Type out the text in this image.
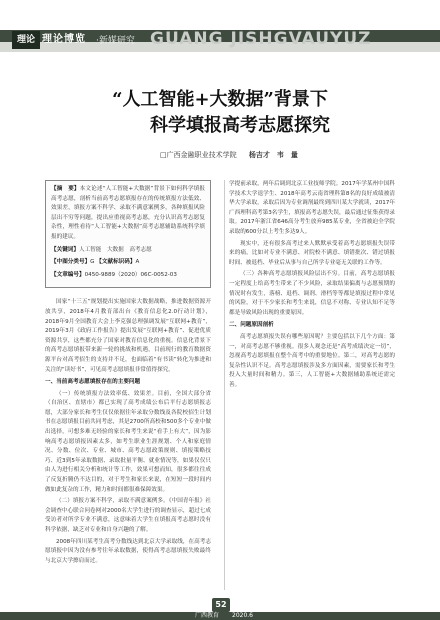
理论 理论博览 ·新媒研究 GUANG JISHGVAUYUZ
“人工智能+大数据”背景下
科学填报高考志愿探究
□广西金融职业技术学院 杨吉才　韦　量

【摘　要】本文论述“人工智能+大数据”背景下如何科学填报高考志愿，剖析当前高考志愿填报存在的传统填报方法低效、效果差，填报方案不科学、录取不满意案例多，各种填报风险层出不穷等问题，提出应重视高考志愿，充分认识高考志愿复杂性，理性看待“人工智能+大数据”高考志愿辅助系统科学填报的建议。

【关键词】人工智能　大数据　高考志愿

【中图分类号】G 【文献标识码】A

【文章编号】0450-9889（2020）06C-0052-03

国家“十三五”规划提出实施国家大数据战略，推进数据资源开放共享，2018年4月教育部出台《教育信息化2.0行动计划》，2018年9月全国教育大会上李克强总理强调发展“互联网+教育”，2019年3月《政府工作报告》提出发展“互联网+教育”、促进优质资源共享，这些都充分了国家对教育信息化的重视。信息化背景下的高考志愿填报带来新一轮的挑战和机遇，目前现行的教育数据资源平台对高考招生的支持并不足，也面临着“有书读”转化为推进和关注的“读好书”，可见高考志愿填报非常值得探究。

一、当前高考志愿填报存在的主要问题

（一）传统填报方法效率低、效果差。目前，全国大部分省（自治区、直辖市）都已实现了高考成绩公布后平行志愿填报志愿，大部分家长和考生仅仅依据往年录取分数线及各院校招生计划书在志愿填报目前共同考虑，其是2700所高校和500多个专业中做出选择，可想多难无经验的家长和考生来说“看手上有大”，因为影响高考志愿填报因素太多，如考生职业生涯规划、个人和家庭情况、分数、位次、专业、城市、高考志愿政策规则、填报策略技巧、近3到5年录取数据、录取批量平衡、就业情况等，如果仅仅只由人为进行相关分析和统计等工作，效果可想而知，很多都往往成了反复折腾仍不达目的，对于考生和家长来说，在短短一段时间内做如此复杂的工作，精力和时间都很难保障效果。

（二）填报方案不科学，录取不满意案例多。《中国青年报》社会调查中心联合问卷网对2000名大学生进行的调查显示，超过七成受访者对所学专业不满意，这意味着大学生在填报高考志愿时没有科学依据，缺乏对专业和自身兴趣的了解。

2008年四川某考生高考分数线达到北京大学录取线，在高考志愿填报中因为没有参考往年录取数据，使得高考志愿填报失败最终与北京大学擦肩而过。

学提前录取，两年后调到北京工业技师学院。2017年学某州中国科学技术大学退学生、2018年高考云南省理科第8名的良好成绩被清华大学录取，录取后因为专业调剂最终到四川某大学就读，2017年广西理科高考第3名学生，填报高考志愿失误，最后通过征集获得录取。2017年浙江省646高分考生放弃985某专业，全省被迫全学院录取的600分以上考生多达9人。

现实中，还有很多高考过来人默默承受着高考志愿填报失误带来的痛，比如对专业不满意、对院校不满意、填错批次、错过填报时间、被退档、毕业后从事与自己所学专业毫无关联的工作等。

（三）各种高考志愿填报风险层出不穷。目前，高考志愿填报一定程度上给高考生带来了不少风险，录取结果偏离与志愿预期的情况时有发生，落榜、退档、调剂、滑档等等都是填报过程中常见的风险，对于不少家长和考生来说，信息不对称、专业认知不足等都是导致风险出现的重要原因。

二、问题原因剖析

高考志愿填报失误有哪些原因呢？主要包括以下几个方面：第一，对高考志愿不够重视。很多人观念还是“高考成绩决定一切”，忽视高考志愿填报在整个高考中的重要地位。第二，对高考志愿的复杂性认识不足。高考志愿填报涉及多方面因素，需要家长和考生投入大量时间和精力。第三，人工智能+大数据辅助系统还需完善。

52
广西教育 2020.6
